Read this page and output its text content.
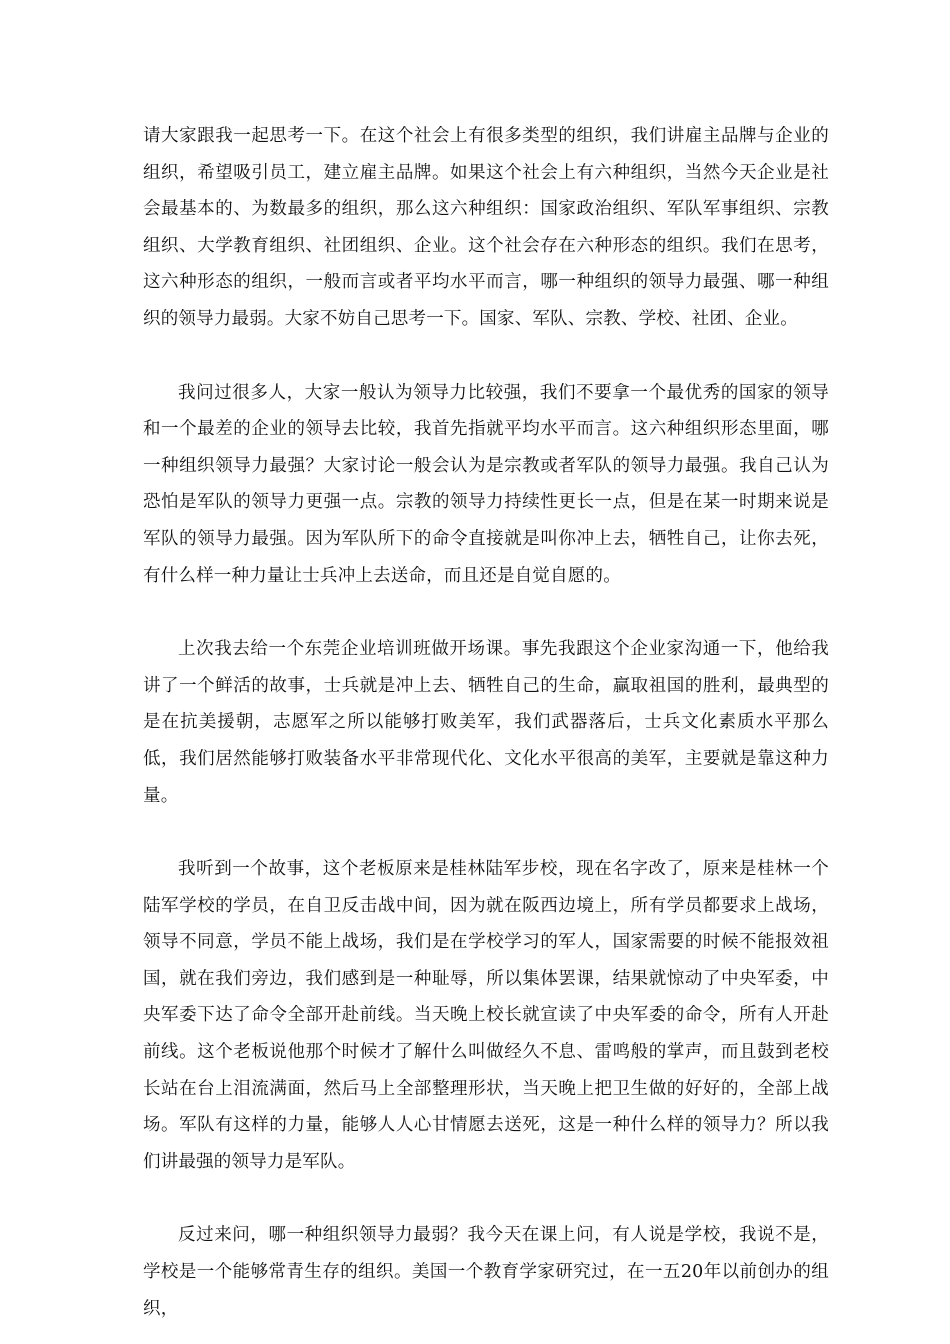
请大家跟我一起思考一下。在这个社会上有很多类型的组织，我们讲雇主品牌与企业的组织，希望吸引员工，建立雇主品牌。如果这个社会上有六种组织，当然今天企业是社会最基本的、为数最多的组织，那么这六种组织：国家政治组织、军队军事组织、宗教组织、大学教育组织、社团组织、企业。这个社会存在六种形态的组织。我们在思考，这六种形态的组织，一般而言或者平均水平而言，哪一种组织的领导力最强、哪一种组织的领导力最弱。大家不妨自己思考一下。国家、军队、宗教、学校、社团、企业。

我问过很多人，大家一般认为领导力比较强，我们不要拿一个最优秀的国家的领导和一个最差的企业的领导去比较，我首先指就平均水平而言。这六种组织形态里面，哪一种组织领导力最强？大家讨论一般会认为是宗教或者军队的领导力最强。我自己认为恐怕是军队的领导力更强一点。宗教的领导力持续性更长一点，但是在某一时期来说是军队的领导力最强。因为军队所下的命令直接就是叫你冲上去，牺牲自己，让你去死，有什么样一种力量让士兵冲上去送命，而且还是自觉自愿的。

上次我去给一个东莞企业培训班做开场课。事先我跟这个企业家沟通一下，他给我讲了一个鲜活的故事，士兵就是冲上去、牺牲自己的生命，赢取祖国的胜利，最典型的是在抗美援朝，志愿军之所以能够打败美军，我们武器落后，士兵文化素质水平那么低，我们居然能够打败装备水平非常现代化、文化水平很高的美军，主要就是靠这种力量。

我听到一个故事，这个老板原来是桂林陆军步校，现在名字改了，原来是桂林一个陆军学校的学员，在自卫反击战中间，因为就在阪西边境上，所有学员都要求上战场，领导不同意，学员不能上战场，我们是在学校学习的军人，国家需要的时候不能报效祖国，就在我们旁边，我们感到是一种耻辱，所以集体罢课，结果就惊动了中央军委，中央军委下达了命令全部开赴前线。当天晚上校长就宣读了中央军委的命令，所有人开赴前线。这个老板说他那个时候才了解什么叫做经久不息、雷鸣般的掌声，而且鼓到老校长站在台上泪流满面，然后马上全部整理形状，当天晚上把卫生做的好好的，全部上战场。军队有这样的力量，能够人人心甘情愿去送死，这是一种什么样的领导力？所以我们讲最强的领导力是军队。

反过来问，哪一种组织领导力最弱？我今天在课上问，有人说是学校，我说不是，学校是一个能够常青生存的组织。美国一个教育学家研究过，在一五20年以前创办的组织，
